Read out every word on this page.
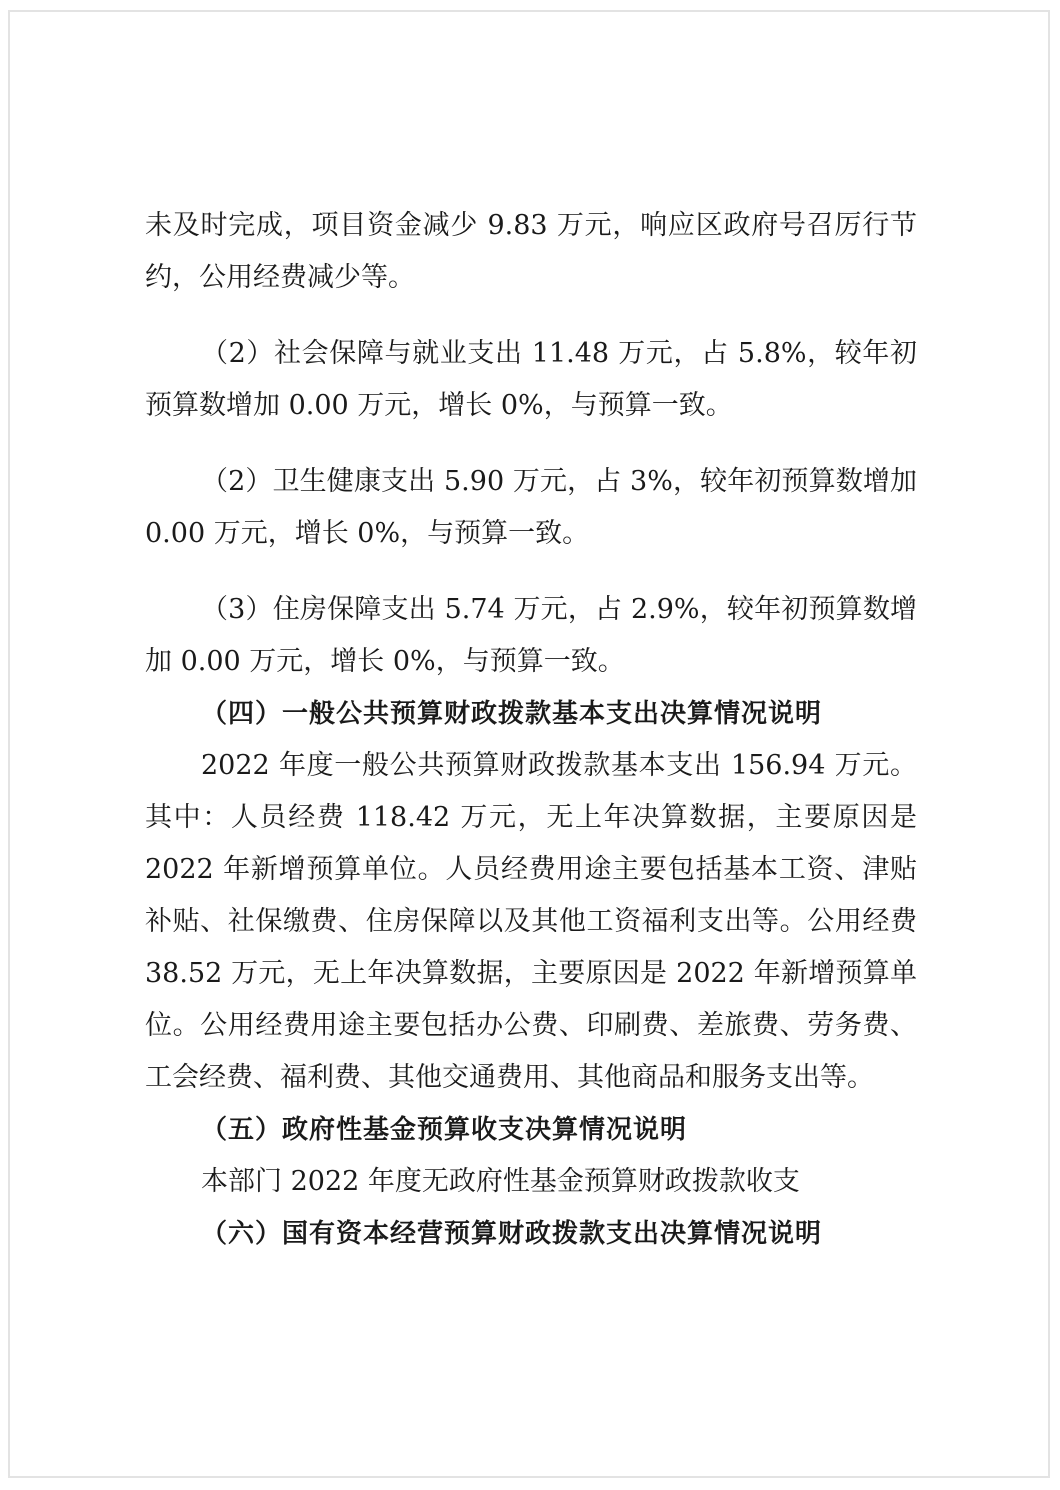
未及时完成，项目资金减少 9.83 万元，响应区政府号召厉行节约，公用经费减少等。

（2）社会保障与就业支出 11.48 万元，占 5.8%，较年初预算数增加 0.00 万元，增长 0%，与预算一致。

（2）卫生健康支出 5.90 万元，占 3%，较年初预算数增加 0.00 万元，增长 0%，与预算一致。

（3）住房保障支出 5.74 万元，占 2.9%，较年初预算数增加 0.00 万元，增长 0%，与预算一致。

（四）一般公共预算财政拨款基本支出决算情况说明

2022 年度一般公共预算财政拨款基本支出 156.94 万元。其中：人员经费 118.42 万元，无上年决算数据，主要原因是 2022 年新增预算单位。人员经费用途主要包括基本工资、津贴补贴、社保缴费、住房保障以及其他工资福利支出等。公用经费 38.52 万元，无上年决算数据，主要原因是 2022 年新增预算单位。公用经费用途主要包括办公费、印刷费、差旅费、劳务费、工会经费、福利费、其他交通费用、其他商品和服务支出等。

（五）政府性基金预算收支决算情况说明

本部门 2022 年度无政府性基金预算财政拨款收支

（六）国有资本经营预算财政拨款支出决算情况说明
